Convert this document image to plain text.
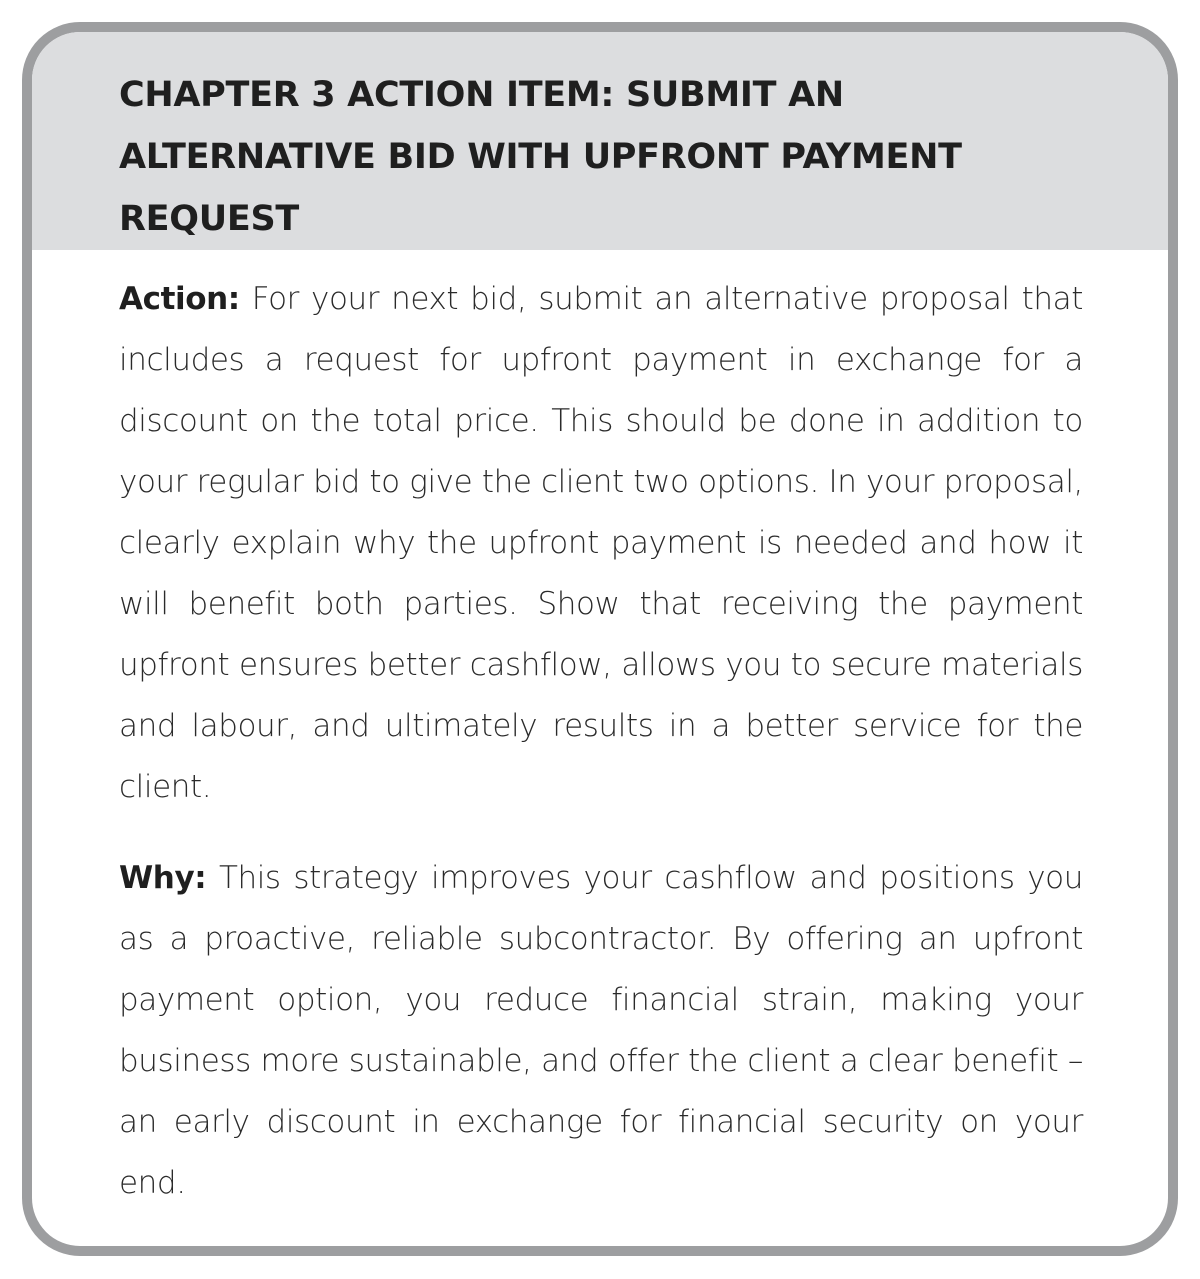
CHAPTER 3 ACTION ITEM: SUBMIT AN ALTERNATIVE BID WITH UPFRONT PAYMENT REQUEST

Action: For your next bid, submit an alternative proposal that includes a request for upfront payment in exchange for a discount on the total price. This should be done in addition to your regular bid to give the client two options. In your proposal, clearly explain why the upfront payment is needed and how it will benefit both parties. Show that receiving the payment upfront ensures better cashflow, allows you to secure materials and labour, and ultimately results in a better service for the client.

Why: This strategy improves your cashflow and positions you as a proactive, reliable subcontractor. By offering an upfront payment option, you reduce financial strain, making your business more sustainable, and offer the client a clear benefit – an early discount in exchange for financial security on your end.
